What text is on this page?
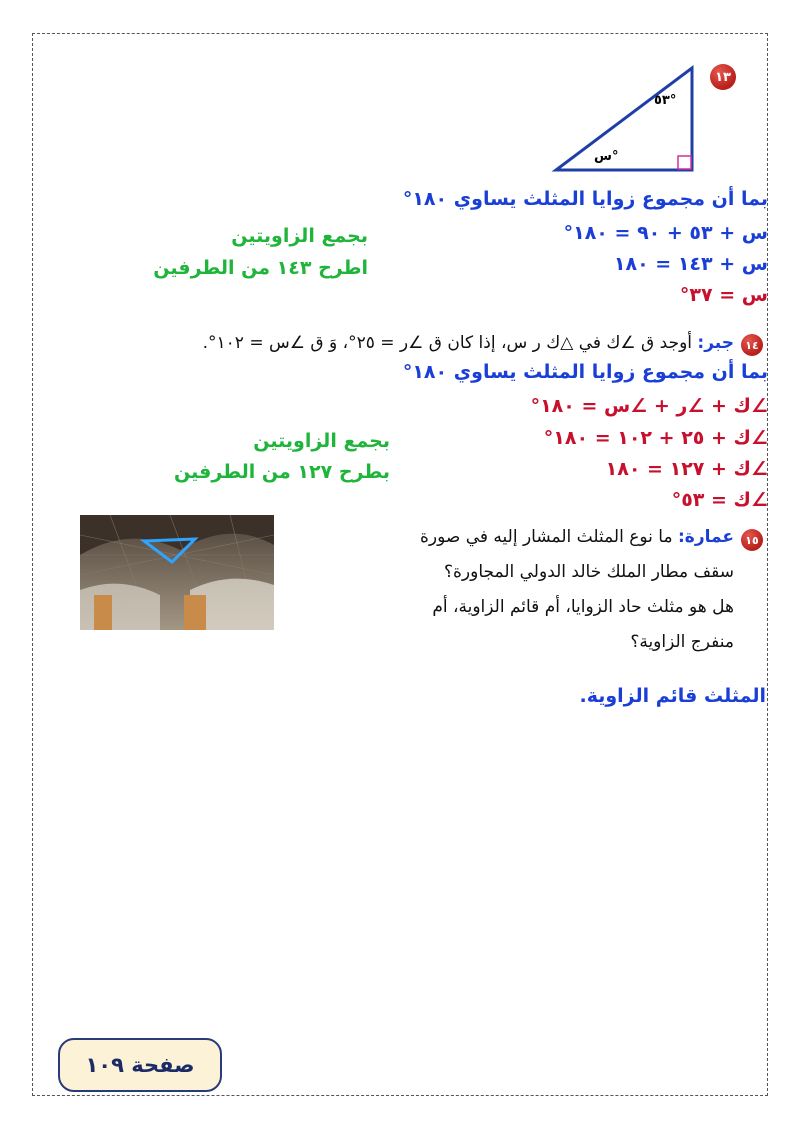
١٣
٥٣°
س°
بما أن مجموع زوايا المثلث يساوي ١٨٠°
س + ٥٣ + ٩٠ = ١٨٠°
بجمع الزاويتين
س + ١٤٣ = ١٨٠
اطرح ١٤٣ من الطرفين
س = ٣٧°
١٤
جبر: أوجد ق ∠ك في △ك ر س، إذا كان ق ∠ر = ٢٥°، وَ ق ∠س = ١٠٢°.
بما أن مجموع زوايا المثلث يساوي ١٨٠°
∠ك + ∠ر + ∠س = ١٨٠°
∠ك + ٢٥ + ١٠٢ = ١٨٠°
بجمع الزاويتين
∠ك + ١٢٧ = ١٨٠
بطرح ١٢٧ من الطرفين
∠ك = ٥٣°
١٥
عمارة: ما نوع المثلث المشار إليه في صورة
سقف مطار الملك خالد الدولي المجاورة؟
هل هو مثلث حاد الزوايا، أم قائم الزاوية، أم
منفرج الزاوية؟
المثلث قائم الزاوية.
صفحة ١٠٩
